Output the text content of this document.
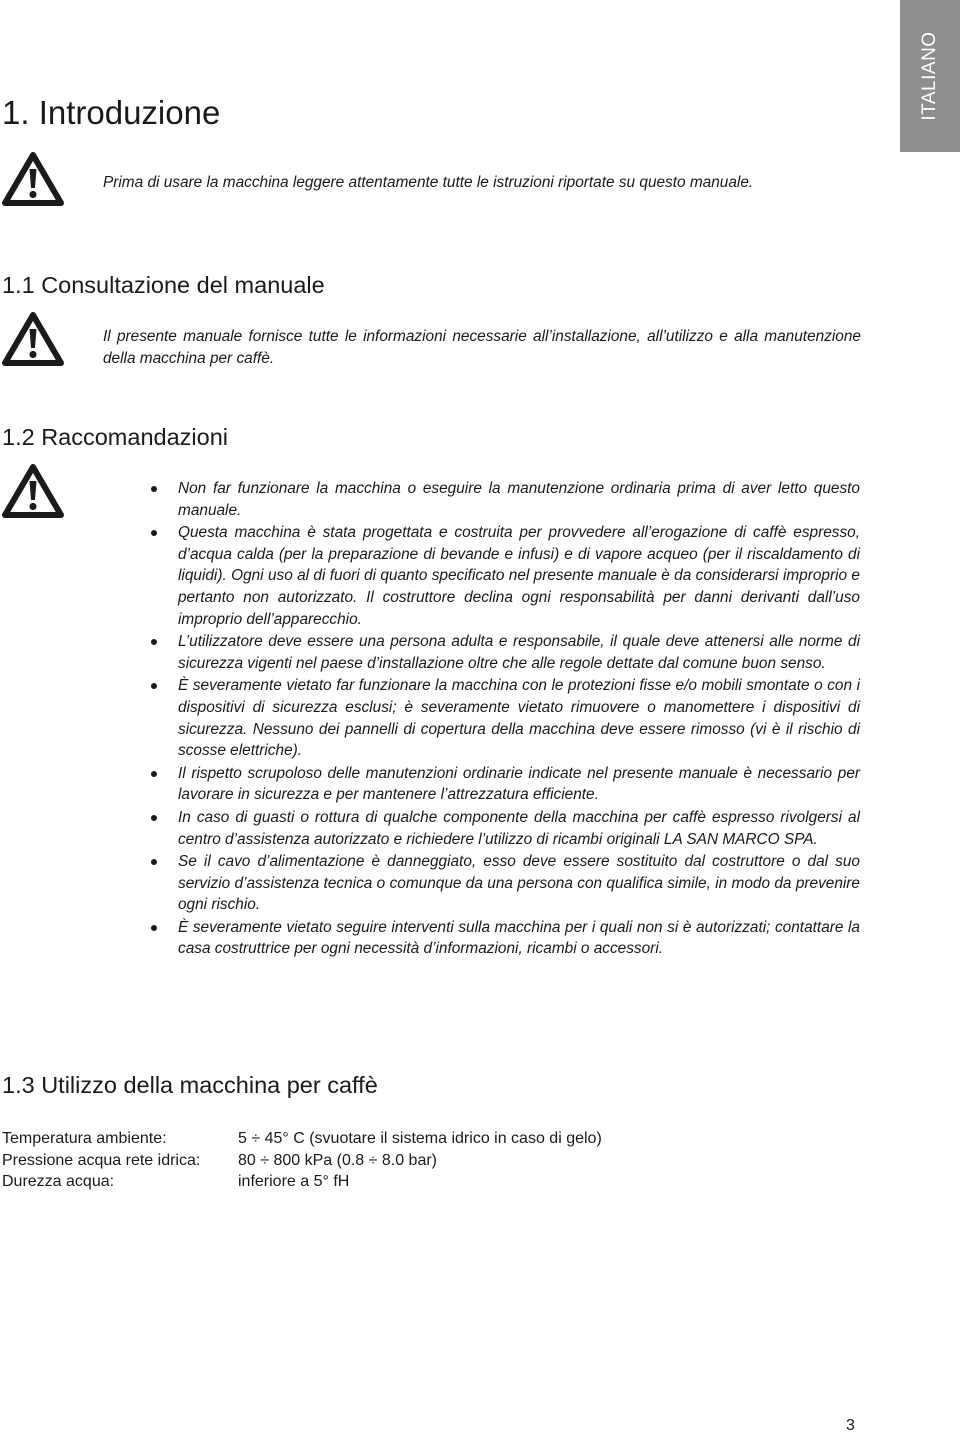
ITALIANO
1. Introduzione

Prima di usare la macchina leggere attentamente tutte le istruzioni riportate su questo manuale.

1.1 Consultazione del manuale

Il presente manuale fornisce tutte le informazioni necessarie all’installazione, all’utilizzo e alla manutenzione della macchina per caffè.

1.2 Raccomandazioni
Non far funzionare la macchina o eseguire la manutenzione ordinaria prima di aver letto questo manuale.
Questa macchina è stata progettata e costruita per provvedere all’erogazione di caffè espresso, d’acqua calda (per la preparazione di bevande e infusi) e di vapore acqueo (per il riscaldamento di liquidi). Ogni uso al di fuori di quanto specificato nel presente manuale è da considerarsi improprio e pertanto non autorizzato. Il costruttore declina ogni responsabilità per danni derivanti dall’uso improprio dell’apparecchio.
L’utilizzatore deve essere una persona adulta e responsabile, il quale deve attenersi alle norme di sicurezza vigenti nel paese d’installazione oltre che alle regole dettate dal comune buon senso.
È severamente vietato far funzionare la macchina con le protezioni fisse e/o mobili smontate o con i dispositivi di sicurezza esclusi; è severamente vietato rimuovere o manomettere i dispositivi di sicurezza. Nessuno dei pannelli di copertura della macchina deve essere rimosso (vi è il rischio di scosse elettriche).
Il rispetto scrupoloso delle manutenzioni ordinarie indicate nel presente manuale è necessario per lavorare in sicurezza e per mantenere l’attrezzatura efficiente.
In caso di guasti o rottura di qualche componente della macchina per caffè espresso rivolgersi al centro d’assistenza autorizzato e richiedere l’utilizzo di ricambi originali LA SAN MARCO SPA.
Se il cavo d’alimentazione è danneggiato, esso deve essere sostituito dal costruttore o dal suo servizio d’assistenza tecnica o comunque da una persona con qualifica simile, in modo da prevenire ogni rischio.
È severamente vietato seguire interventi sulla macchina per i quali non si è autorizzati; contattare la casa costruttrice per ogni necessità d’informazioni, ricambi o accessori.
1.3 Utilizzo della macchina per caffè
Temperatura ambiente:	5 ÷ 45° C (svuotare il sistema idrico in caso di gelo)
Pressione acqua rete idrica: 80 ÷ 800 kPa (0.8 ÷ 8.0 bar)
Durezza acqua:	inferiore a 5° fH
3
